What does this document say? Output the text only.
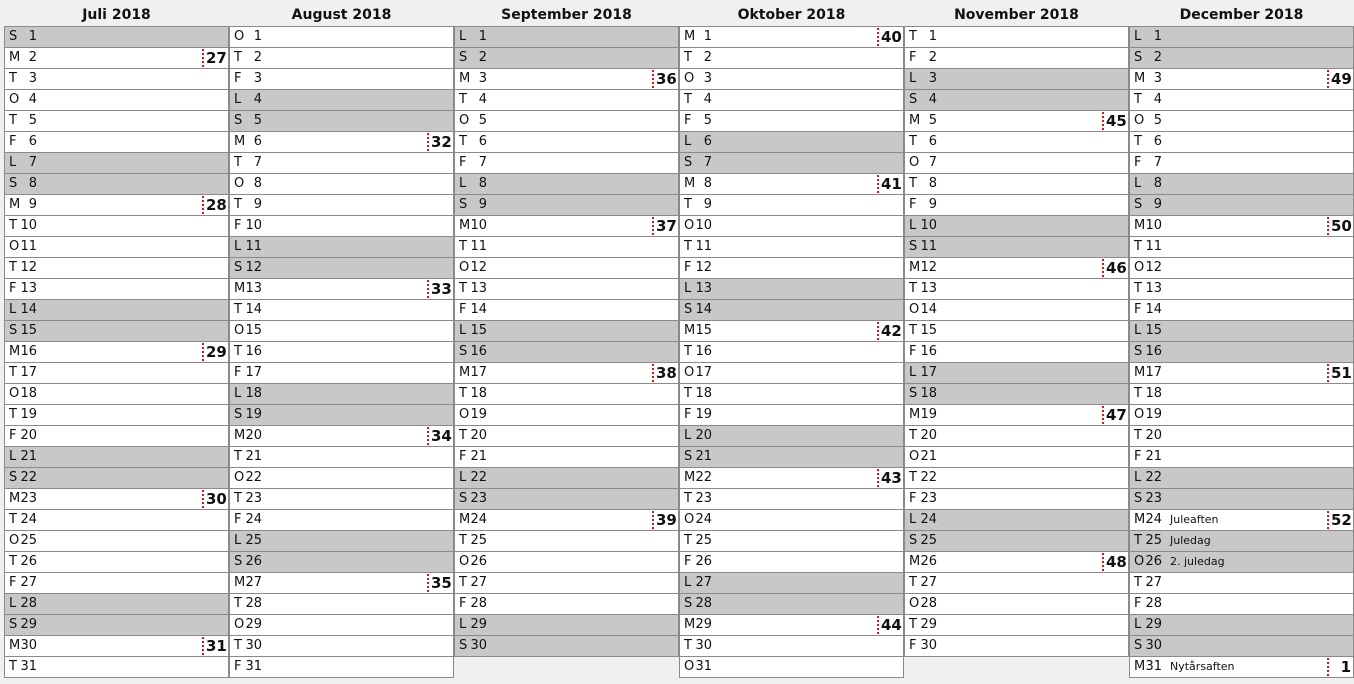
Juli 2018
S 1
M 2	27
T 3
O 4
T 5
F 6
L 7
S 8
M 9	28
T 10
O 11
T 12
F 13
L 14
S 15
M 16	29
T 17
O 18
T 19
F 20
L 21
S 22
M 23	30
T 24
O 25
T 26
F 27
L 28
S 29
M 30	31
T 31
August 2018
O 1
T 2
F 3
L 4
S 5
M 6	32
T 7
O 8
T 9
F 10
L 11
S 12
M 13	33
T 14
O 15
T 16
F 17
L 18
S 19
M 20	34
T 21
O 22
T 23
F 24
L 25
S 26
M 27	35
T 28
O 29
T 30
F 31
September 2018
L 1
S 2
M 3	36
T 4
O 5
T 6
F 7
L 8
S 9
M 10	37
T 11
O 12
T 13
F 14
L 15
S 16
M 17	38
T 18
O 19
T 20
F 21
L 22
S 23
M 24	39
T 25
O 26
T 27
F 28
L 29
S 30
Oktober 2018
M 1	40
T 2
O 3
T 4
F 5
L 6
S 7
M 8	41
T 9
O 10
T 11
F 12
L 13
S 14
M 15	42
T 16
O 17
T 18
F 19
L 20
S 21
M 22	43
T 23
O 24
T 25
F 26
L 27
S 28
M 29	44
T 30
O 31
November 2018
T 1
F 2
L 3
S 4
M 5	45
T 6
O 7
T 8
F 9
L 10
S 11
M 12	46
T 13
O 14
T 15
F 16
L 17
S 18
M 19	47
T 20
O 21
T 22
F 23
L 24
S 25
M 26	48
T 27
O 28
T 29
F 30
December 2018
L 1
S 2
M 3	49
T 4
O 5
T 6
F 7
L 8
S 9
M 10	50
T 11
O 12
T 13
F 14
L 15
S 16
M 17	51
T 18
O 19
T 20
F 21
L 22
S 23
M 24 Juleaften	52
T 25 Juledag
O 26 2. juledag
T 27
F 28
L 29
S 30
M 31 Nytårsaften	1
